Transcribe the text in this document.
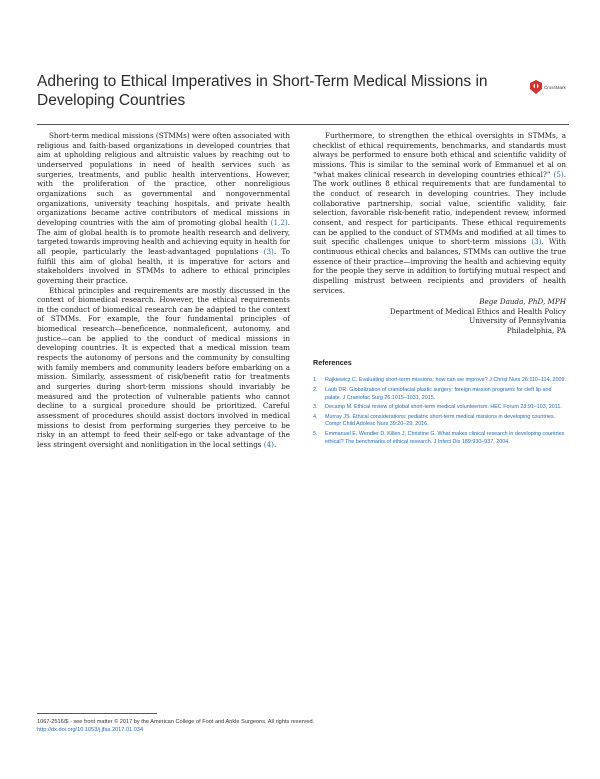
Adhering to Ethical Imperatives in Short-Term Medical Missions in Developing Countries
CrossMark

Short-term medical missions (STMMs) were often associated with religious and faith-based organizations in developed countries that aim at upholding religious and altruistic values by reaching out to underserved populations in need of health services such as surgeries, treatments, and public health interventions. However, with the proliferation of the practice, other nonreligious organizations such as governmental and nongovernmental organizations, university teaching hospitals, and private health organizations became active contributors of medical missions in developing countries with the aim of promoting global health (1,2). The aim of global health is to promote health research and delivery, targeted towards improving health and achieving equity in health for all people, particularly the least-advantaged populations (3). To fulfill this aim of global health, it is imperative for actors and stakeholders involved in STMMs to adhere to ethical principles governing their practice.

Ethical principles and requirements are mostly discussed in the context of biomedical research. However, the ethical requirements in the conduct of biomedical research can be adapted to the context of STMMs. For example, the four fundamental principles of biomedical research—beneficence, nonmaleficent, autonomy, and justice—can be applied to the conduct of medical missions in developing countries. It is expected that a medical mission team respects the autonomy of persons and the community by consulting with family members and community leaders before embarking on a mission. Similarly, assessment of risk/benefit ratio for treatments and surgeries during short-term missions should invariably be measured and the protection of vulnerable patients who cannot decline to a surgical procedure should be prioritized. Careful assessment of procedures should assist doctors involved in medical missions to desist from performing surgeries they perceive to be risky in an attempt to feed their self-ego or take advantage of the less stringent oversight and nonlitigation in the local settings (4).

Furthermore, to strengthen the ethical oversights in STMMs, a checklist of ethical requirements, benchmarks, and standards must always be performed to ensure both ethical and scientific validity of missions. This is similar to the seminal work of Emmanuel et al on “what makes clinical research in developing countries ethical?” (5). The work outlines 8 ethical requirements that are fundamental to the conduct of research in developing countries. They include collaborative partnership, social value, scientific validity, fair selection, favorable risk-benefit ratio, independent review, informed consent, and respect for participants. These ethical requirements can be applied to the conduct of STMMs and modified at all times to suit specific challenges unique to short-term missions (3). With continuous ethical checks and balances, STMMs can outlive the true essence of their practice—improving the health and achieving equity for the people they serve in addition to fortifying mutual respect and dispelling mistrust between recipients and providers of health services.

Bege Dauda, PhD, MPH
Department of Medical Ethics and Health Policy
University of Pennsylvania
Philadelphia, PA
References
1.	Rajkiewicz C. Evaluating short-term missions: how can we improve? J Christ Nurs 26:110–114, 2009.
2.	Laub DR. Globalization of craniofacial plastic surgery: foreign mission programs for cleft lip and palate. J Craniofac Surg 26:1015–1031, 2015.
3.	Decamp M. Ethical review of global short-term medical volunteerism. HEC Forum 23:91–103, 2011.
4.	Murray JS. Ethical considerations: pediatric short-term medical missions in developing countries. Compr Child Adolesc Nurs 39:20–29, 2016.
5.	Emmanuel E, Wendler D, Killen J, Christine G. What makes clinical research in developing countries ethical? The benchmarks of ethical research. J Infect Dis 189:930–937, 2004.
1067-2516/$ - see front matter © 2017 by the American College of Foot and Ankle Surgeons. All rights reserved.
http://dx.doi.org/10.1053/j.jfas.2017.01.034
